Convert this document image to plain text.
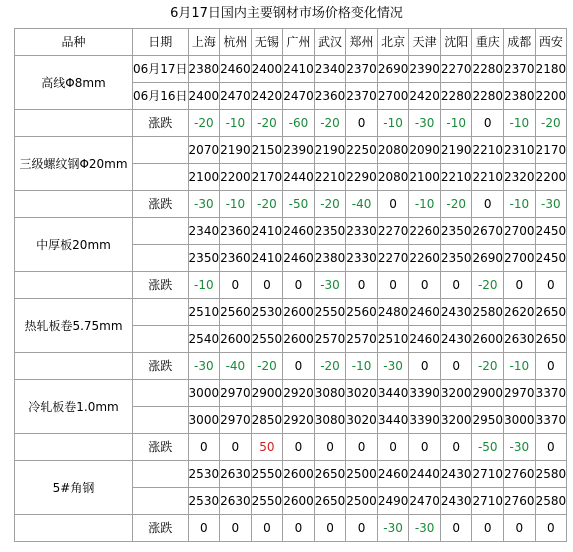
6月17日国内主要钢材市场价格变化情况
品种	日期	上海	杭州	无锡	广州	武汉	郑州	北京	天津	沈阳	重庆	成都	西安
高线Φ8mm	06月17日	2380	2460	2400	2410	2340	2370	2690	2390	2270	2280	2370	2180
	06月16日	2400	2470	2420	2470	2360	2370	2700	2420	2280	2280	2380	2200
	涨跌	-20	-10	-20	-60	-20	0	-10	-30	-10	0	-10	-20
三级螺纹钢Φ20mm		2070	2190	2150	2390	2190	2250	2080	2090	2190	2210	2310	2170
		2100	2200	2170	2440	2210	2290	2080	2100	2210	2210	2320	2200
	涨跌	-30	-10	-20	-50	-20	-40	0	-10	-20	0	-10	-30
中厚板20mm		2340	2360	2410	2460	2350	2330	2270	2260	2350	2670	2700	2450
		2350	2360	2410	2460	2380	2330	2270	2260	2350	2690	2700	2450
	涨跌	-10	0	0	0	-30	0	0	0	0	-20	0	0
热轧板卷5.75mm		2510	2560	2530	2600	2550	2560	2480	2460	2430	2580	2620	2650
		2540	2600	2550	2600	2570	2570	2510	2460	2430	2600	2630	2650
	涨跌	-30	-40	-20	0	-20	-10	-30	0	0	-20	-10	0
冷轧板卷1.0mm		3000	2970	2900	2920	3080	3020	3440	3390	3200	2900	2970	3370
		3000	2970	2850	2920	3080	3020	3440	3390	3200	2950	3000	3370
	涨跌	0	0	50	0	0	0	0	0	0	-50	-30	0
5#角钢		2530	2630	2550	2600	2650	2500	2460	2440	2430	2710	2760	2580
		2530	2630	2550	2600	2650	2500	2490	2470	2430	2710	2760	2580
	涨跌	0	0	0	0	0	0	-30	-30	0	0	0	0
